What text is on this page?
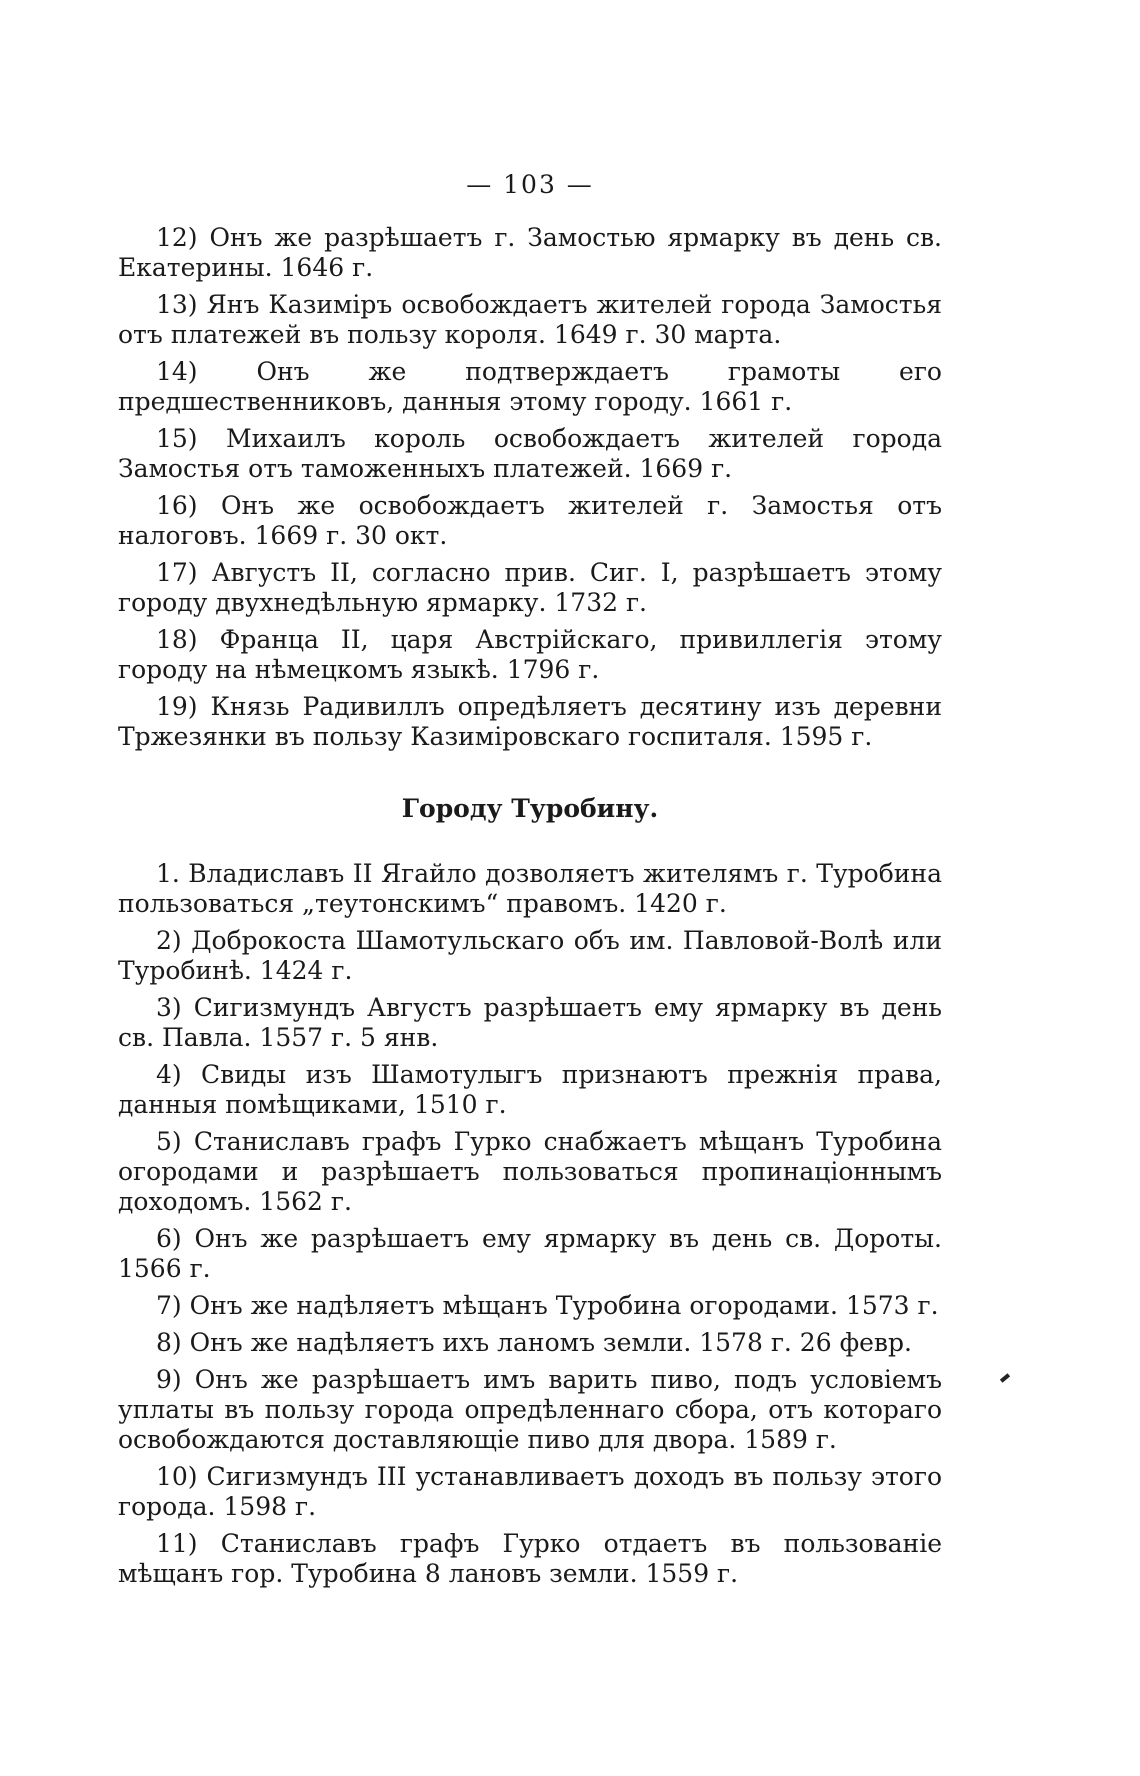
— 103 —

12) Онъ же разрѣшаетъ г. Замостью ярмарку въ день св. Екатерины. 1646 г.

13) Янъ Казиміръ освобождаетъ жителей города Замостья отъ платежей въ пользу короля. 1649 г. 30 марта.

14) Онъ же подтверждаетъ грамоты его предшественниковъ, данныя этому городу. 1661 г.

15) Михаилъ король освобождаетъ жителей города Замостья отъ таможенныхъ платежей. 1669 г.

16) Онъ же освобождаетъ жителей г. Замостья отъ налоговъ. 1669 г. 30 окт.

17) Августъ II, согласно прив. Сиг. I, разрѣшаетъ этому городу двухнедѣльную ярмарку. 1732 г.

18) Франца II, царя Австрійскаго, привиллегія этому городу на нѣмецкомъ языкѣ. 1796 г.

19) Князь Радивиллъ опредѣляетъ десятину изъ деревни Тржезянки въ пользу Казиміровскаго госпиталя. 1595 г.

Городу Туробину.

1. Владиславъ II Ягайло дозволяетъ жителямъ г. Туробина пользоваться „теутонскимъ“ правомъ. 1420 г.

2) Доброкоста Шамотульскаго объ им. Павловой-Волѣ или Туробинѣ. 1424 г.

3) Сигизмундъ Августъ разрѣшаетъ ему ярмарку въ день св. Павла. 1557 г. 5 янв.

4) Свиды изъ Шамотулыгъ признаютъ прежнія права, данныя помѣщиками, 1510 г.

5) Станиславъ графъ Гурко снабжаетъ мѣщанъ Туробина огородами и разрѣшаетъ пользоваться пропинаціоннымъ доходомъ. 1562 г.

6) Онъ же разрѣшаетъ ему ярмарку въ день св. Дороты. 1566 г.

7) Онъ же надѣляетъ мѣщанъ Туробина огородами. 1573 г.

8) Онъ же надѣляетъ ихъ ланомъ земли. 1578 г. 26 февр.

9) Онъ же разрѣшаетъ имъ варить пиво, подъ условіемъ уплаты въ пользу города опредѣленнаго сбора, отъ котораго освобождаются доставляющіе пиво для двора. 1589 г.

10) Сигизмундъ III устанавливаетъ доходъ въ пользу этого города. 1598 г.

11) Станиславъ графъ Гурко отдаетъ въ пользованіе мѣщанъ гор. Туробина 8 лановъ земли. 1559 г.
